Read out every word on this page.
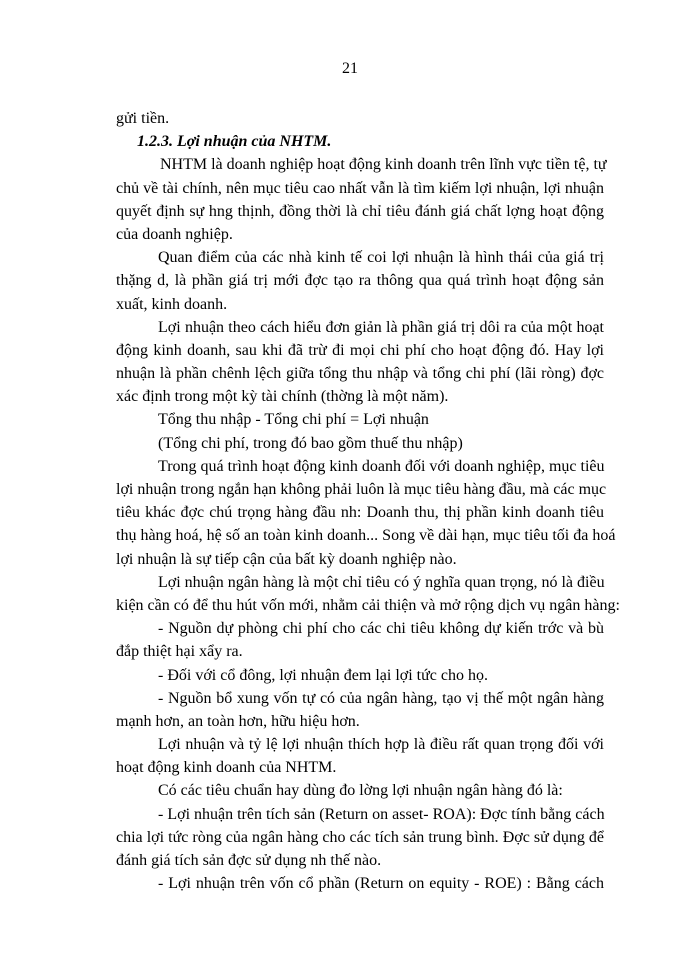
21
gửi tiền.
1.2.3. Lợi nhuận của NHTM.
NHTM là doanh nghiệp hoạt động kinh doanh trên lĩnh vực tiền tệ, tự
chủ về tài chính, nên mục tiêu cao nhất vẫn là tìm kiếm lợi nhuận, lợi nhuận
quyết định sự hng thịnh, đồng thời là chỉ tiêu đánh giá chất lợng hoạt động
của doanh nghiệp.
Quan điểm của các nhà kinh tế coi lợi nhuận là hình thái của giá trị
thặng d, là phần giá trị mới đợc tạo ra thông qua quá trình hoạt động sản
xuất, kinh doanh.
Lợi nhuận theo cách hiểu đơn giản là phần giá trị dôi ra của một hoạt
động kinh doanh, sau khi đã trừ đi mọi chi phí cho hoạt động đó. Hay lợi
nhuận là phần chênh lệch giữa tổng thu nhập và tổng chi phí (lãi ròng) đợc
xác định trong một kỳ tài chính (thờng là một năm).
Tổng thu nhập - Tổng chi phí = Lợi nhuận
(Tổng chi phí, trong đó bao gồm thuế thu nhập)
Trong quá trình hoạt động kinh doanh đối với doanh nghiệp, mục tiêu
lợi nhuận trong ngắn hạn không phải luôn là mục tiêu hàng đầu, mà các mục
tiêu khác đợc chú trọng hàng đầu nh: Doanh thu, thị phần kinh doanh tiêu
thụ hàng hoá, hệ số an toàn kinh doanh... Song về dài hạn, mục tiêu tối đa hoá
lợi nhuận là sự tiếp cận của bất kỳ doanh nghiệp nào.
Lợi nhuận ngân hàng là một chỉ tiêu có ý nghĩa quan trọng, nó là điều
kiện cần có để thu hút vốn mới, nhằm cải thiện và mở rộng dịch vụ ngân hàng:
- Nguồn dự phòng chi phí cho các chi tiêu không dự kiến trớc và bù
đắp thiệt hại xẩy ra.
- Đối với cổ đông, lợi nhuận đem lại lợi tức cho họ.
- Nguồn bổ xung vốn tự có của ngân hàng, tạo vị thế một ngân hàng
mạnh hơn, an toàn hơn, hữu hiệu hơn.
Lợi nhuận và tỷ lệ lợi nhuận thích hợp là điều rất quan trọng đối với
hoạt động kinh doanh của NHTM.
Có các tiêu chuẩn hay dùng đo lờng lợi nhuận ngân hàng đó là:
- Lợi nhuận trên tích sản (Return on asset- ROA): Đợc tính bằng cách
chia lợi tức ròng của ngân hàng cho các tích sản trung bình. Đợc sử dụng để
đánh giá tích sản đợc sử dụng nh thế nào.
- Lợi nhuận trên vốn cổ phần (Return on equity - ROE) : Bằng cách
